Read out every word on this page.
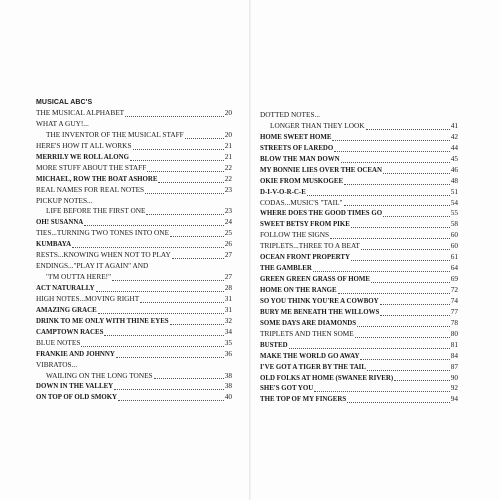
MUSICAL ABC'S
THE MUSICAL ALPHABET	20
WHAT A GUY!...
THE INVENTOR OF THE MUSICAL STAFF	20
HERE'S HOW IT ALL WORKS	21
MERRILY WE ROLL ALONG	21
MORE STUFF ABOUT THE STAFF	22
MICHAEL, ROW THE BOAT ASHORE	22
REAL NAMES FOR REAL NOTES	23
PICKUP NOTES...
LIFE BEFORE THE FIRST ONE	23
OH! SUSANNA	24
TIES...TURNING TWO TONES INTO ONE	25
KUMBAYA	26
RESTS...KNOWING WHEN NOT TO PLAY	27
ENDINGS..."PLAY IT AGAIN" AND
"I'M OUTTA HERE!"	27
ACT NATURALLY	28
HIGH NOTES...MOVING RIGHT	31
AMAZING GRACE	31
DRINK TO ME ONLY WITH THINE EYES	32
CAMPTOWN RACES	34
BLUE NOTES	35
FRANKIE AND JOHNNY	36
VIBRATOS...
WAILING ON THE LONG TONES	38
DOWN IN THE VALLEY	38
ON TOP OF OLD SMOKY	40
DOTTED NOTES...
LONGER THAN THEY LOOK	41
HOME SWEET HOME	42
STREETS OF LAREDO	44
BLOW THE MAN DOWN	45
MY BONNIE LIES OVER THE OCEAN	46
OKIE FROM MUSKOGEE	48
D-I-V-O-R-C-E	51
CODAS...MUSIC'S "TAIL"	54
WHERE DOES THE GOOD TIMES GO	55
SWEET BETSY FROM PIKE	58
FOLLOW THE SIGNS	60
TRIPLETS...THREE TO A BEAT	60
OCEAN FRONT PROPERTY	61
THE GAMBLER	64
GREEN GREEN GRASS OF HOME	69
HOME ON THE RANGE	72
SO YOU THINK YOU'RE A COWBOY	74
BURY ME BENEATH THE WILLOWS	77
SOME DAYS ARE DIAMONDS	78
TRIPLETS AND THEN SOME	80
BUSTED	81
MAKE THE WORLD GO AWAY	84
I'VE GOT A TIGER BY THE TAIL	87
OLD FOLKS AT HOME (SWANEE RIVER)	90
SHE'S GOT YOU	92
THE TOP OF MY FINGERS	94
